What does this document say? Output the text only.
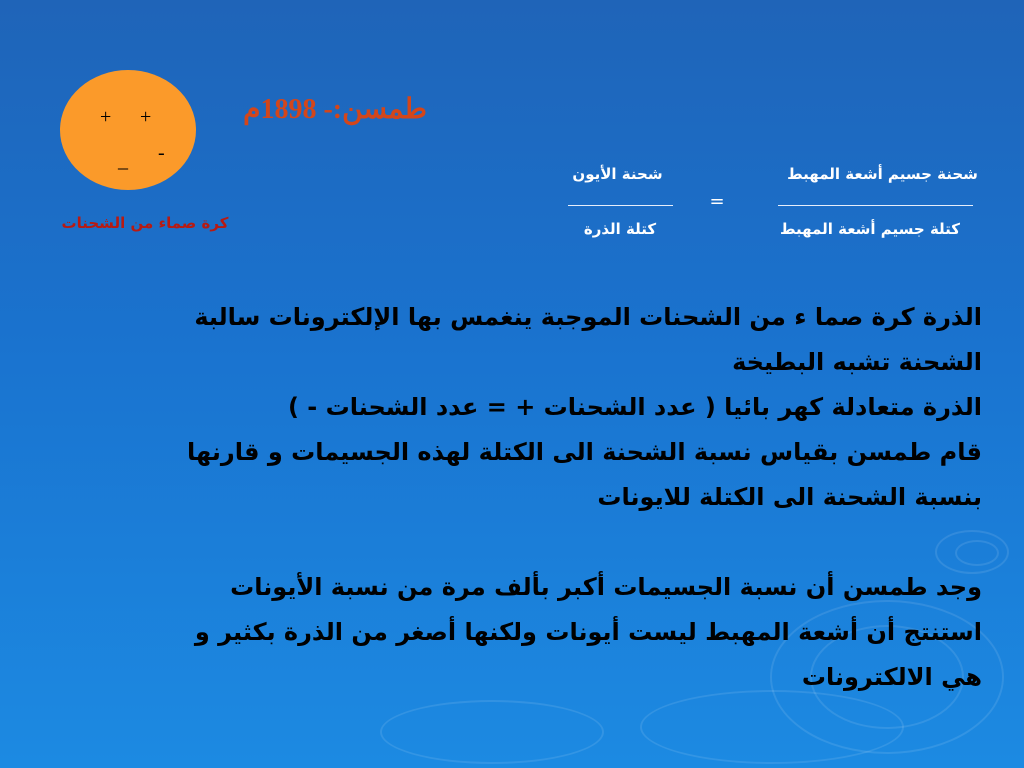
+ +
-
_
كرة صماء من الشحنات
طمسن:- 1898م
شحنة جسيم أشعة المهبط
كتلة جسيم أشعة المهبط
=
شحنة الأيون
كتلة الذرة
الذرة كرة صما ء من الشحنات الموجبة ينغمس بها الإلكترونات سالبة
الشحنة تشبه البطيخة
الذرة متعادلة كهر بائيا ( عدد الشحنات + = عدد الشحنات - )
قام طمسن بقياس نسبة الشحنة الى الكتلة لهذه الجسيمات و قارنها
بنسبة الشحنة الى الكتلة للايونات
وجد طمسن أن نسبة الجسيمات أكبر بألف مرة من نسبة الأيونات
استنتج أن أشعة المهبط ليست أيونات ولكنها أصغر من الذرة بكثير و
هي الالكترونات
